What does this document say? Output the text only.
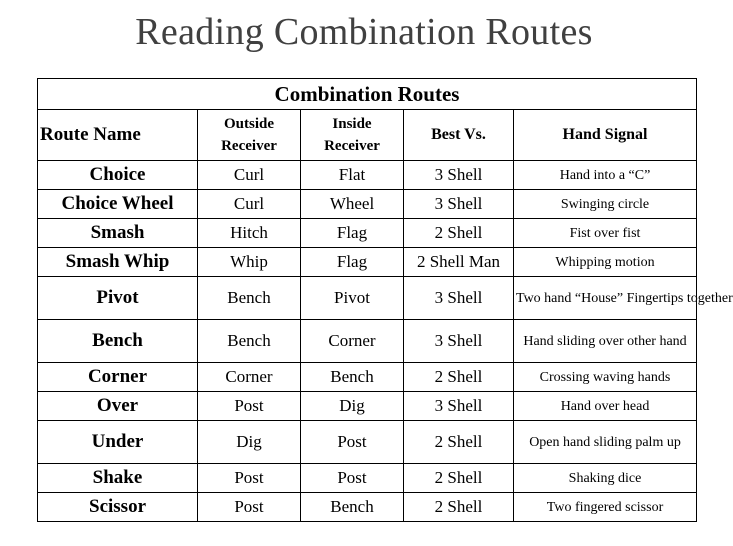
Reading Combination Routes
Combination Routes				
Route Name	Outside Receiver	Inside Receiver	Best Vs.	Hand Signal
Choice	Curl	Flat	3 Shell	Hand into a “C”
Choice Wheel	Curl	Wheel	3 Shell	Swinging circle
Smash	Hitch	Flag	2 Shell	Fist over fist
Smash Whip	Whip	Flag	2 Shell Man	Whipping motion
Pivot	Bench	Pivot	3 Shell	Two hand “House” Fingertips together
Bench	Bench	Corner	3 Shell	Hand sliding over other hand
Corner	Corner	Bench	2 Shell	Crossing waving hands
Over	Post	Dig	3 Shell	Hand over head
Under	Dig	Post	2 Shell	Open hand sliding palm up
Shake	Post	Post	2 Shell	Shaking dice
Scissor	Post	Bench	2 Shell	Two fingered scissor
